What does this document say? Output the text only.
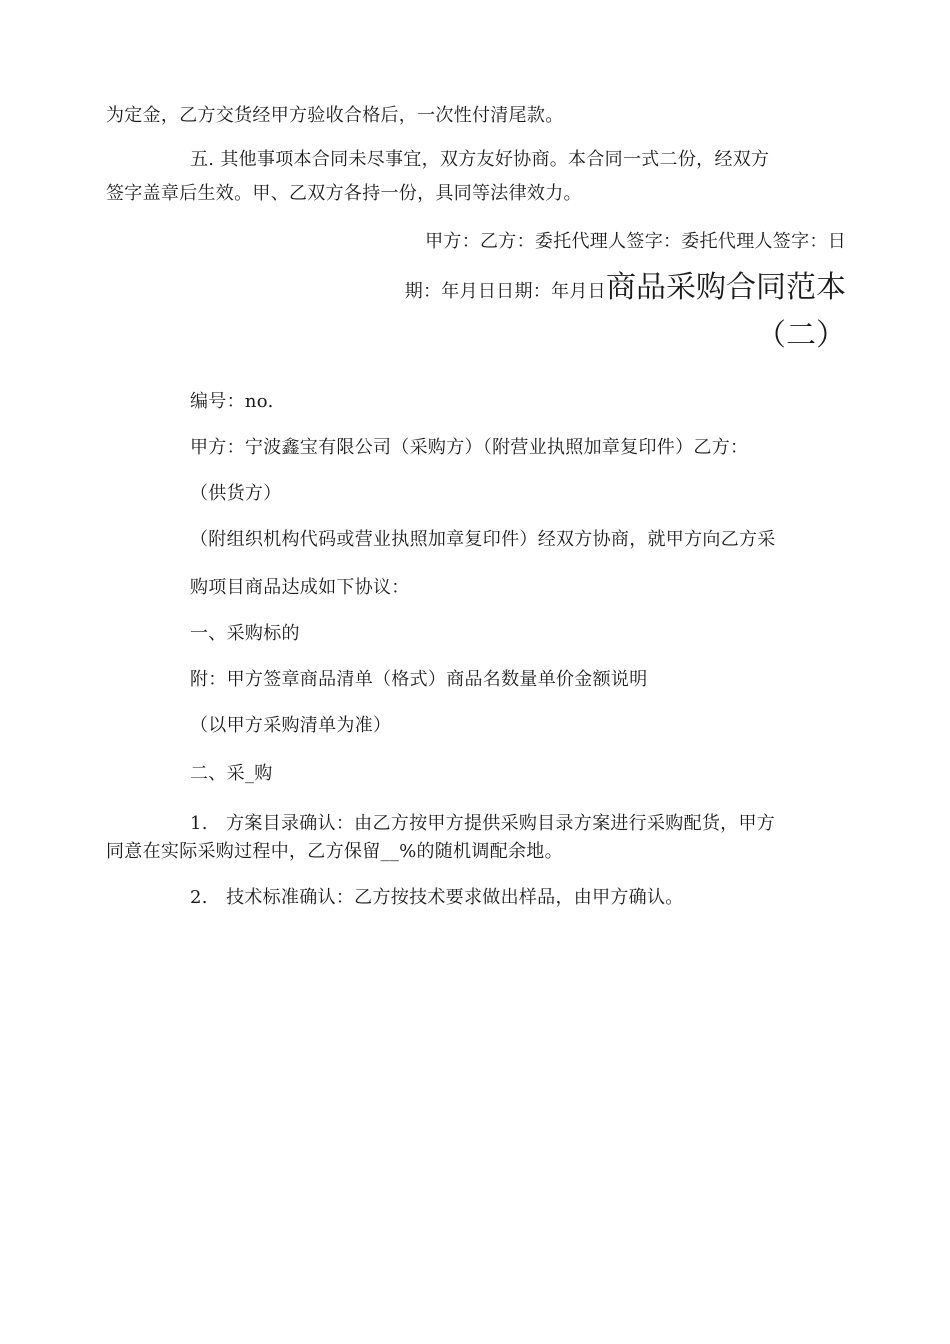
为定金，乙方交货经甲方验收合格后，一次性付清尾款。
五. 其他事项本合同未尽事宜，双方友好协商。本合同一式二份，经双方
签字盖章后生效。甲、乙双方各持一份，具同等法律效力。
甲方：乙方：委托代理人签字：委托代理人签字：日
期：年月日日期：年月日商品采购合同范本
（二）
编号：no.
甲方：宁波鑫宝有限公司（采购方）（附营业执照加章复印件）乙方：
（供货方）
（附组织机构代码或营业执照加章复印件）经双方协商，就甲方向乙方采
购项目商品达成如下协议：
一、采购标的
附：甲方签章商品清单（格式）商品名数量单价金额说明
（以甲方采购清单为准）
二、采_购
1.　方案目录确认：由乙方按甲方提供采购目录方案进行采购配货，甲方
同意在实际采购过程中，乙方保留__%的随机调配余地。
2.　技术标准确认：乙方按技术要求做出样品，由甲方确认。
